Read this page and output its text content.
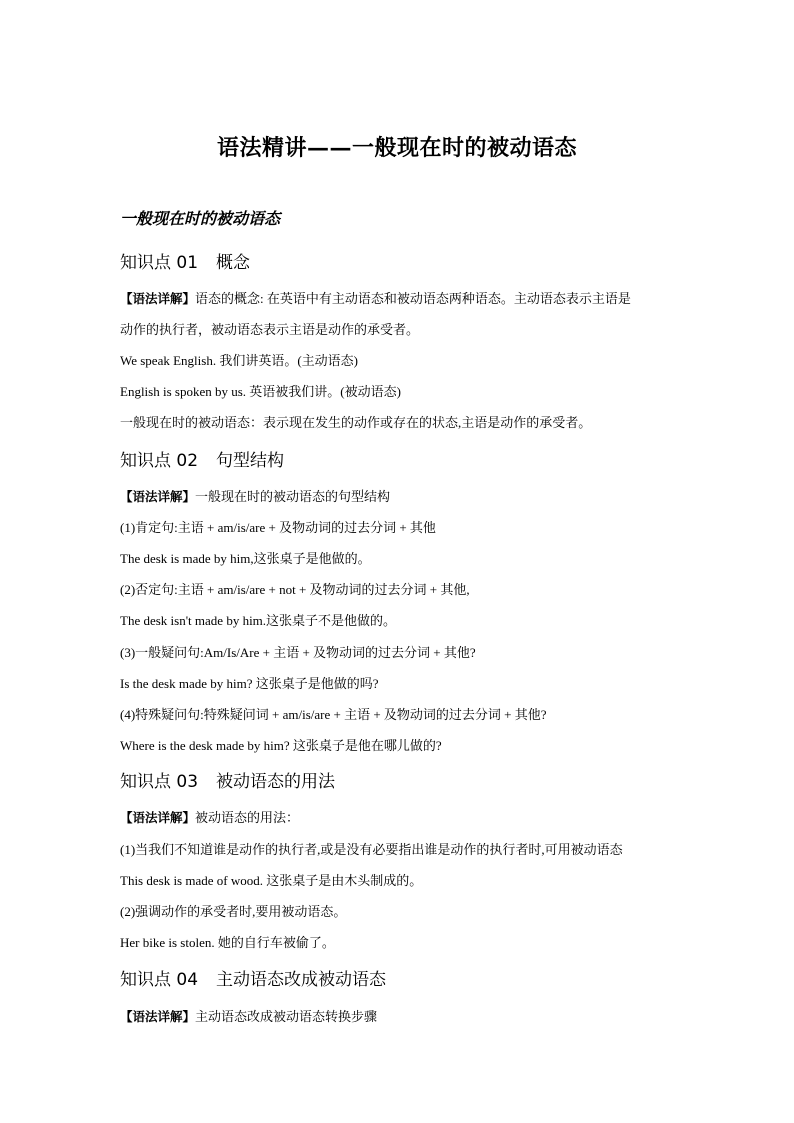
语法精讲——一般现在时的被动语态
一般现在时的被动语态
知识点 01 概念
【语法详解】语态的概念: 在英语中有主动语态和被动语态两种语态。主动语态表示主语是
动作的执行者，被动语态表示主语是动作的承受者。
We speak English. 我们讲英语。(主动语态)
English is spoken by us. 英语被我们讲。(被动语态)
一般现在时的被动语态：表示现在发生的动作或存在的状态,主语是动作的承受者。
知识点 02 句型结构
【语法详解】一般现在时的被动语态的句型结构
(1)肯定句:主语 + am/is/are + 及物动词的过去分词 + 其他
The desk is made by him,这张桌子是他做的。
(2)否定句:主语 + am/is/are + not + 及物动词的过去分词 + 其他,
The desk isn't made by him.这张桌子不是他做的。
(3)一般疑问句:Am/Is/Are + 主语 + 及物动词的过去分词 + 其他?
Is the desk made by him? 这张桌子是他做的吗?
(4)特殊疑问句:特殊疑问词 + am/is/are + 主语 + 及物动词的过去分词 + 其他?
Where is the desk made by him? 这张桌子是他在哪儿做的?
知识点 03 被动语态的用法
【语法详解】被动语态的用法：
(1)当我们不知道谁是动作的执行者,或是没有必要指出谁是动作的执行者时,可用被动语态
This desk is made of wood. 这张桌子是由木头制成的。
(2)强调动作的承受者时,要用被动语态。
Her bike is stolen. 她的自行车被偷了。
知识点 04 主动语态改成被动语态
【语法详解】主动语态改成被动语态转换步骤
